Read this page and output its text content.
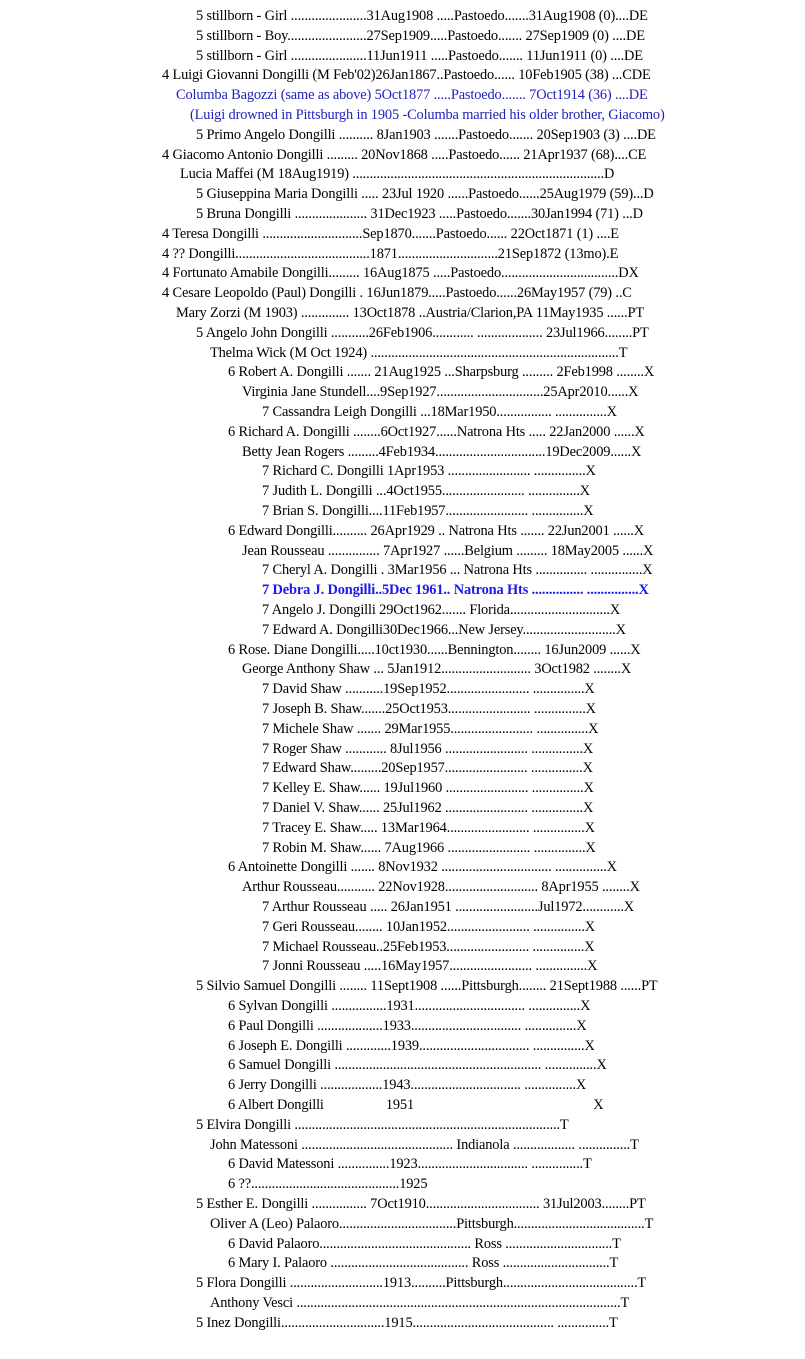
5 stillborn - Girl ......................31Aug1908 .....Pastoedo.......31Aug1908 (0)....DE
5 stillborn - Boy.......................27Sep1909.....Pastoedo....... 27Sep1909 (0) ....DE
5 stillborn - Girl ......................11Jun1911 .....Pastoedo....... 11Jun1911 (0) ....DE
4 Luigi Giovanni Dongilli (M Feb'02)26Jan1867..Pastoedo...... 10Feb1905 (38) ...CDE
Columba Bagozzi (same as above) 5Oct1877 .....Pastoedo....... 7Oct1914 (36) ....DE
(Luigi drowned in Pittsburgh in 1905 -Columba married his older brother, Giacomo)
5 Primo Angelo Dongilli .......... 8Jan1903 .......Pastoedo....... 20Sep1903 (3) ....DE
4 Giacomo Antonio Dongilli ......... 20Nov1868 .....Pastoedo...... 21Apr1937 (68)....CE
Lucia Maffei (M 18Aug1919) .........................................................................D
5 Giuseppina Maria Dongilli ..... 23Jul 1920 ......Pastoedo......25Aug1979 (59)...D
5 Bruna Dongilli ..................... 31Dec1923 .....Pastoedo.......30Jan1994 (71) ...D
4 Teresa Dongilli .............................Sep1870.......Pastoedo...... 22Oct1871 (1) ....E
4 ?? Dongilli.......................................1871.............................21Sep1872 (13mo).E
4 Fortunato Amabile Dongilli......... 16Aug1875 .....Pastoedo..................................DX
4 Cesare Leopoldo (Paul) Dongilli . 16Jun1879.....Pastoedo......26May1957 (79) ..C
Mary Zorzi (M 1903) .............. 13Oct1878 ..Austria/Clarion,PA 11May1935 ......PT
5 Angelo John Dongilli ...........26Feb1906............ ................... 23Jul1966........PT
Thelma Wick (M Oct 1924) ........................................................................T
6 Robert A. Dongilli ....... 21Aug1925 ...Sharpsburg ......... 2Feb1998 ........X
Virginia Jane Stundell....9Sep1927...............................25Apr2010......X
7 Cassandra Leigh Dongilli ...18Mar1950................ ...............X
6 Richard A. Dongilli ........6Oct1927......Natrona Hts ..... 22Jan2000 ......X
Betty Jean Rogers .........4Feb1934................................19Dec2009......X
7 Richard C. Dongilli 1Apr1953 ........................ ...............X
7 Judith L. Dongilli ...4Oct1955........................ ...............X
7 Brian S. Dongilli....11Feb1957........................ ...............X
6 Edward Dongilli.......... 26Apr1929 .. Natrona Hts ....... 22Jun2001 ......X
Jean Rousseau ............... 7Apr1927 ......Belgium ......... 18May2005 ......X
7 Cheryl A. Dongilli . 3Mar1956 ... Natrona Hts ............... ...............X
7 Debra J. Dongilli..5Dec 1961.. Natrona Hts ............... ...............X
7 Angelo J. Dongilli 29Oct1962....... Florida.............................X
7 Edward A. Dongilli30Dec1966...New Jersey...........................X
6 Rose. Diane Dongilli.....10ct1930......Bennington........ 16Jun2009 ......X
George Anthony Shaw ... 5Jan1912.......................... 3Oct1982 ........X
7 David Shaw ...........19Sep1952........................ ...............X
7 Joseph B. Shaw.......25Oct1953........................ ...............X
7 Michele Shaw ....... 29Mar1955........................ ...............X
7 Roger Shaw ............ 8Jul1956 ........................ ...............X
7 Edward Shaw.........20Sep1957........................ ...............X
7 Kelley E. Shaw...... 19Jul1960 ........................ ...............X
7 Daniel V. Shaw...... 25Jul1962 ........................ ...............X
7 Tracey E. Shaw..... 13Mar1964........................ ...............X
7 Robin M. Shaw...... 7Aug1966 ........................ ...............X
6 Antoinette Dongilli ....... 8Nov1932 ................................ ...............X
Arthur Rousseau........... 22Nov1928........................... 8Apr1955 ........X
7 Arthur Rousseau ..... 26Jan1951 ........................Jul1972............X
7 Geri Rousseau........ 10Jan1952........................ ...............X
7 Michael Rousseau..25Feb1953........................ ...............X
7 Jonni Rousseau .....16May1957........................ ...............X
5 Silvio Samuel Dongilli ........ 11Sept1908 ......Pittsburgh........ 21Sept1988 ......PT
6 Sylvan Dongilli ................1931................................ ...............X
6 Paul Dongilli ...................1933................................ ...............X
6 Joseph E. Dongilli .............1939................................ ...............X
6 Samuel Dongilli ............................................................ ...............X
6 Jerry Dongilli ..................1943................................ ...............X
6 Albert Dongilli                  1951                                                    X
5 Elvira Dongilli .............................................................................T
John Matessoni ............................................ Indianola .................. ...............T
6 David Matessoni ...............1923................................ ...............T
6 ??...........................................1925
5 Esther E. Dongilli ................ 7Oct1910................................. 31Jul2003........PT
Oliver A (Leo) Palaoro..................................Pittsburgh......................................T
6 David Palaoro............................................ Ross ...............................T
6 Mary I. Palaoro ........................................ Ross ...............................T
5 Flora Dongilli ...........................1913..........Pittsburgh.......................................T
Anthony Vesci ..............................................................................................T
5 Inez Dongilli..............................1915......................................... ...............T
